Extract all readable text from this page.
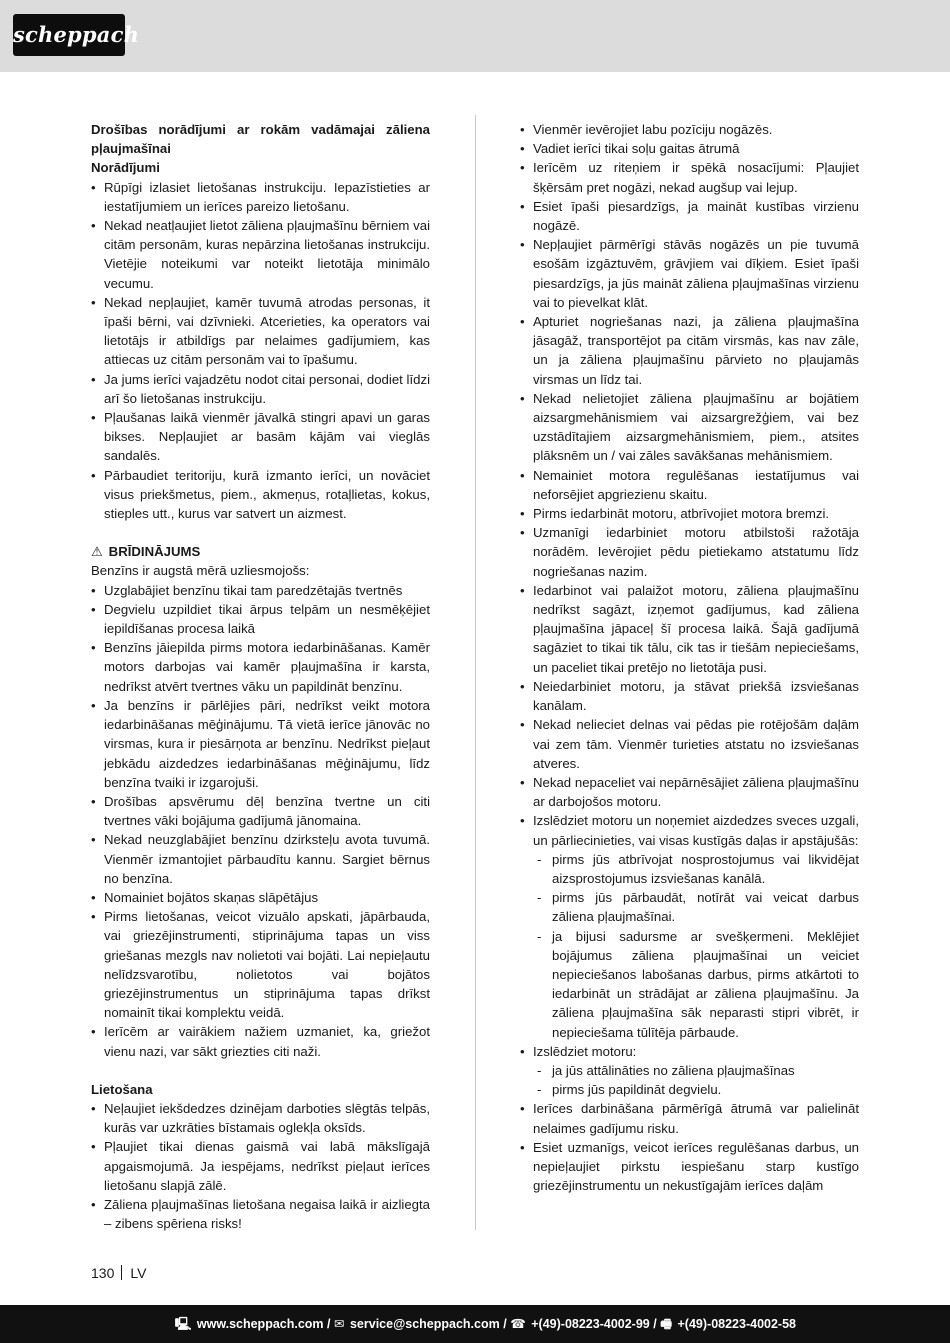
scheppach

Drošības norādījumi ar rokām vadāmajai zāliena pļaujmašīnai

Norādījumi

• Rūpīgi izlasiet lietošanas instrukciju. Iepazīstieties ar iestatījumiem un ierīces pareizo lietošanu.
• Nekad neatļaujiet lietot zāliena pļaujmašīnu bērniem vai citām personām, kuras nepārzina lietošanas instrukciju. Vietējie noteikumi var noteikt lietotāja minimālo vecumu.
• Nekad nepļaujiet, kamēr tuvumā atrodas personas, it īpaši bērni, vai dzīvnieki. Atcerieties, ka operators vai lietotājs ir atbildīgs par nelaimes gadījumiem, kas attiecas uz citām personām vai to īpašumu.
• Ja jums ierīci vajadzētu nodot citai personai, dodiet līdzi arī šo lietošanas instrukciju.
• Pļaušanas laikā vienmēr jāvalkā stingri apavi un garas bikses. Nepļaujiet ar basām kājām vai vieglās sandalēs.
• Pārbaudiet teritoriju, kurā izmanto ierīci, un novāciet visus priekšmetus, piem., akmeņus, rotaļlietas, kokus, stieples utt., kurus var satvert un aizmest.

⚠ BRĪDINĀJUMS

Benzīns ir augstā mērā uzliesmojošs:

• Uzglabājiet benzīnu tikai tam paredzētajās tvertnēs
• Degvielu uzpildiet tikai ārpus telpām un nesmēķējiet iepildīšanas procesa laikā
• Benzīns jāiepilda pirms motora iedarbināšanas. Kamēr motors darbojas vai kamēr pļaujmašīna ir karsta, nedrīkst atvērt tvertnes vāku un papildināt benzīnu.
• Ja benzīns ir pārlējies pāri, nedrīkst veikt motora iedarbināšanas mēģinājumu. Tā vietā ierīce jānovāc no virsmas, kura ir piesārņota ar benzīnu. Nedrīkst pieļaut jebkādu aizdedzes iedarbināšanas mēģinājumu, līdz benzīna tvaiki ir izgarojuši.
• Drošības apsvērumu dēļ benzīna tvertne un citi tvertnes vāki bojājuma gadījumā jānomaina.
• Nekad neuzglabājiet benzīnu dzirksteļu avota tuvumā. Vienmēr izmantojiet pārbaudītu kannu. Sargiet bērnus no benzīna.
• Nomainiet bojātos skaņas slāpētājus
• Pirms lietošanas, veicot vizuālo apskati, jāpārbauda, vai griezējinstrumenti, stiprinājuma tapas un viss griešanas mezgls nav nolietoti vai bojāti. Lai nepieļautu nelīdzsvarotību, nolietotos vai bojātos griezējinstrumentus un stiprinājuma tapas drīkst nomainīt tikai komplektu veidā.
• Ierīcēm ar vairākiem nažiem uzmaniet, ka, griežot vienu nazi, var sākt griezties citi naži.

Lietošana

• Neļaujiet iekšdedzes dzinējam darboties slēgtās telpās, kurās var uzkrāties bīstamais oglekļa oksīds.
• Pļaujiet tikai dienas gaismā vai labā mākslīgajā apgaismojumā. Ja iespējams, nedrīkst pieļaut ierīces lietošanu slapjā zālē.
• Zāliena pļaujmašīnas lietošana negaisa laikā ir aizliegta – zibens spēriena risks!
• Vienmēr ievērojiet labu pozīciju nogāzēs.
• Vadiet ierīci tikai soļu gaitas ātrumā
• Ierīcēm uz riteņiem ir spēkā nosacījumi: Pļaujiet šķērsām pret nogāzi, nekad augšup vai lejup.
• Esiet īpaši piesardzīgs, ja maināt kustības virzienu nogāzē.
• Nepļaujiet pārmērīgi stāvās nogāzēs un pie tuvumā esošām izgāztuvēm, grāvjiem vai dīķiem. Esiet īpaši piesardzīgs, ja jūs maināt zāliena pļaujmašīnas virzienu vai to pievelkat klāt.
• Apturiet nogriešanas nazi, ja zāliena pļaujmašīna jāsagāž, transportējot pa citām virsmās, kas nav zāle, un ja zāliena pļaujmašīnu pārvieto no pļaujamās virsmas un līdz tai.
• Nekad nelietojiet zāliena pļaujmašīnu ar bojātiem aizsargmehānismiem vai aizsargrežģiem, vai bez uzstādītajiem aizsargmehānismiem, piem., atsites plāksnēm un / vai zāles savākšanas mehānismiem.
• Nemainiet motora regulēšanas iestatījumus vai neforsējiet apgriezienu skaitu.
• Pirms iedarbināt motoru, atbrīvojiet motora bremzi.
• Uzmanīgi iedarbiniet motoru atbilstoši ražotāja norādēm. Ievērojiet pēdu pietiekamo atstatumu līdz nogriešanas nazim.
• Iedarbinot vai palaižot motoru, zāliena pļaujmašīnu nedrīkst sagāzt, izņemot gadījumus, kad zāliena pļaujmašīna jāpaceļ šī procesa laikā. Šajā gadījumā sagāziet to tikai tik tālu, cik tas ir tiešām nepieciešams, un paceliet tikai pretējo no lietotāja pusi.
• Neiedarbiniet motoru, ja stāvat priekšā izsviešanas kanālam.
• Nekad nelieciet delnas vai pēdas pie rotējošām daļām vai zem tām. Vienmēr turieties atstatu no izsviešanas atveres.
• Nekad nepaceliet vai nepārnēsājiet zāliena pļaujmašīnu ar darbojošos motoru.
• Izslēdziet motoru un noņemiet aizdedzes sveces uzgali, un pārliecinieties, vai visas kustīgās daļas ir apstājušās:
- pirms jūs atbrīvojat nosprostojumus vai likvidējat aizsprostojumus izsviešanas kanālā.
- pirms jūs pārbaudāt, notīrāt vai veicat darbus zāliena pļaujmašīnai.
- ja bijusi sadursme ar svešķermeni. Meklējiet bojājumus zāliena pļaujmašīnai un veiciet nepieciešanos labošanas darbus, pirms atkārtoti to iedarbināt un strādājat ar zāliena pļaujmašīnu. Ja zāliena pļaujmašīna sāk neparasti stipri vibrēt, ir nepieciešama tūlītēja pārbaude.
• Izslēdziet motoru:
- ja jūs attālināties no zāliena pļaujmašīnas
- pirms jūs papildināt degvielu.
• Ierīces darbināšana pārmērīgā ātrumā var palielināt nelaimes gadījumu risku.
• Esiet uzmanīgs, veicot ierīces regulēšanas darbus, un nepieļaujiet pirkstu iespiešanu starp kustīgo griezējinstrumentu un nekustīgajām ierīces daļām
130 LV
🖳 www.scheppach.com / ✉ service@scheppach.com / ☎ +(49)-08223-4002-99 / 🖷 +(49)-08223-4002-58
